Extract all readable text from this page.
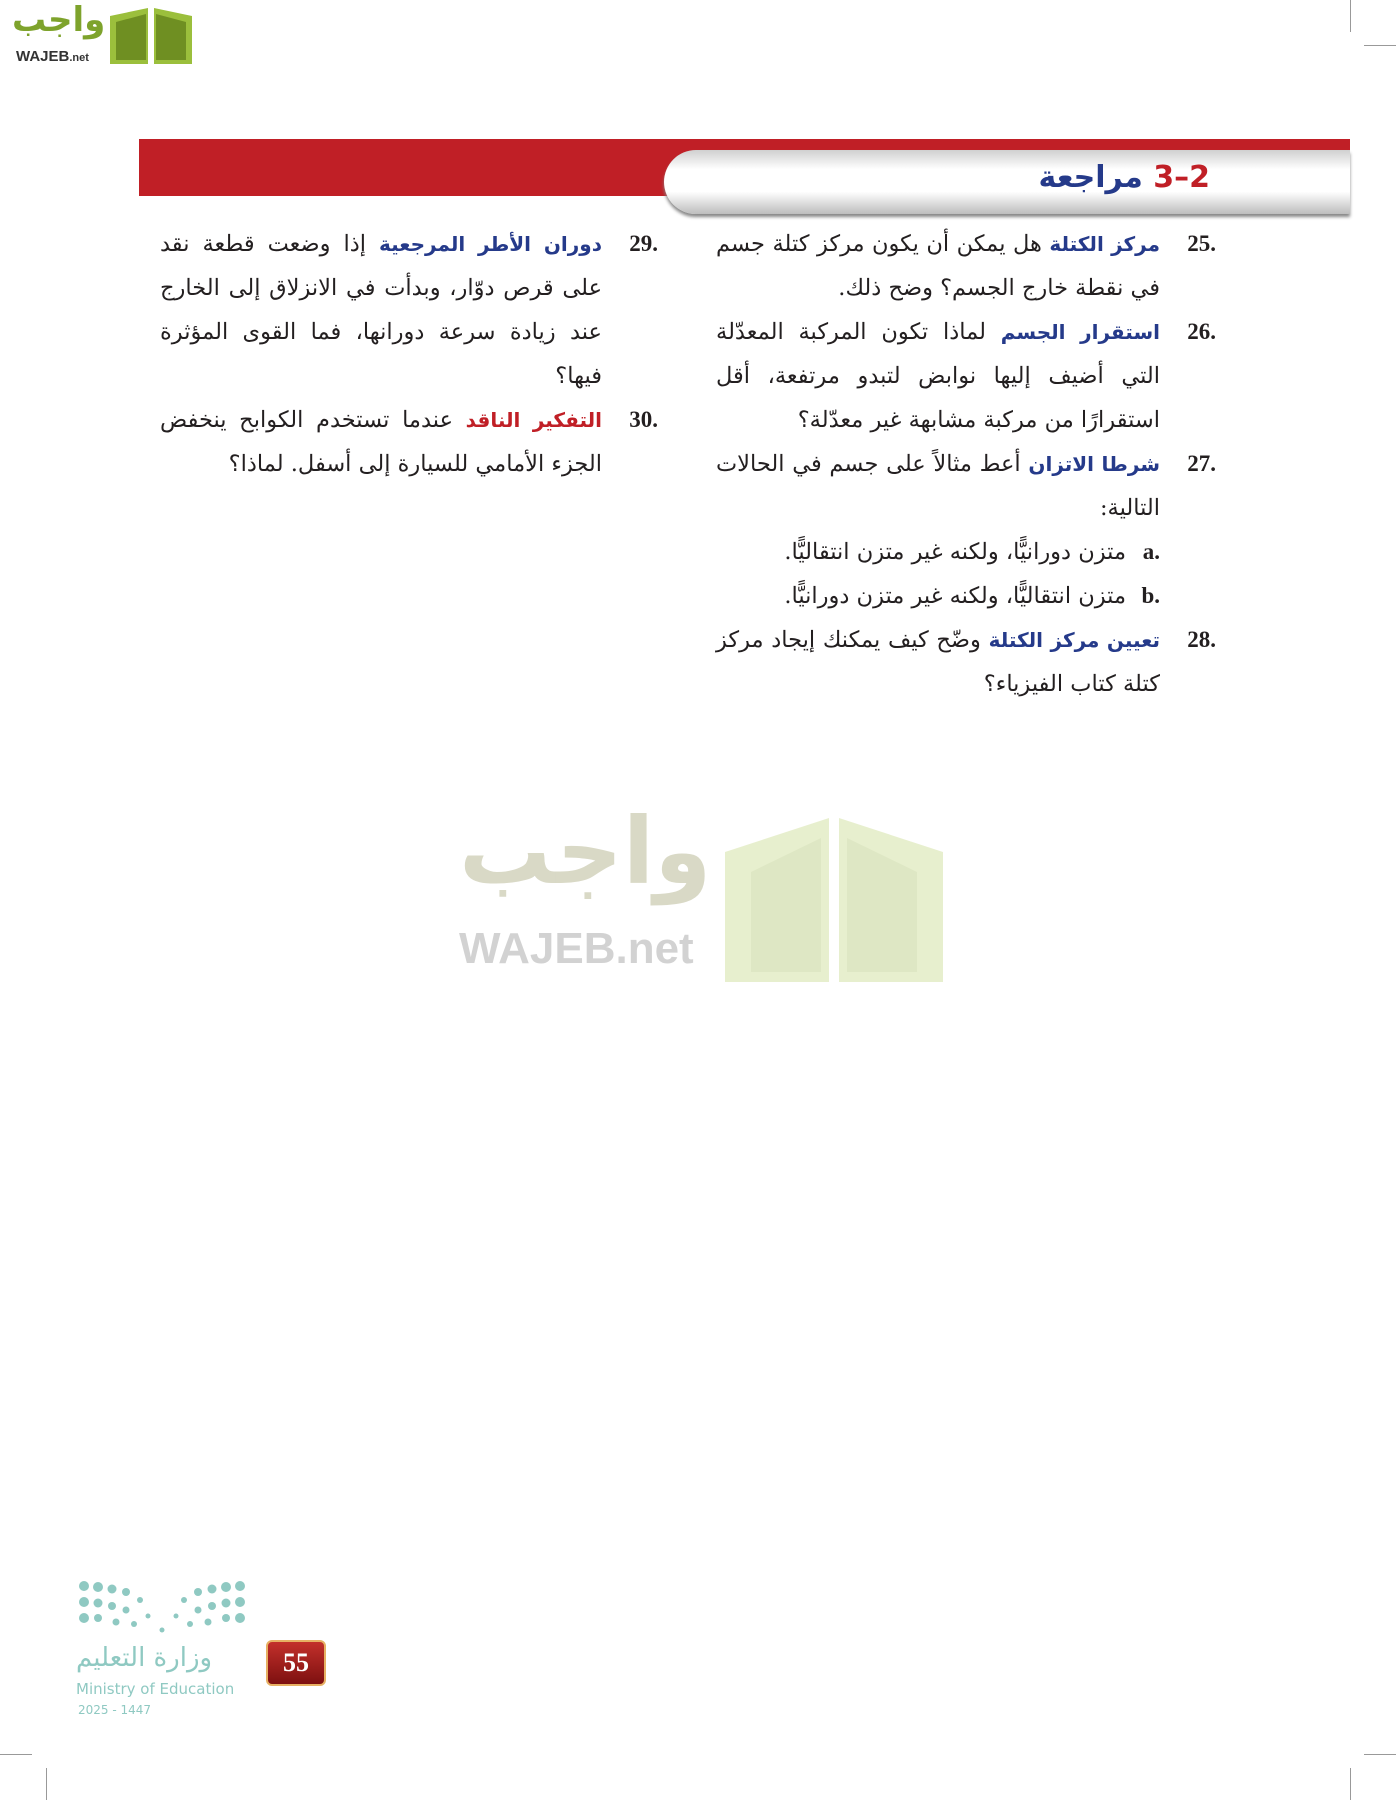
واجب
WAJEB.net
2–3 مراجعة
25.
مركز الكتلة هل يمكن أن يكون مركز كتلة جسم في نقطة خارج الجسم؟ وضح ذلك.
26.
استقرار الجسم لماذا تكون المركبة المعدّلة التي أضيف إليها نوابض لتبدو مرتفعة، أقل استقرارًا من مركبة مشابهة غير معدّلة؟
27.
شرطا الاتزان أعط مثالاً على جسم في الحالات التالية:
a.
متزن دورانيًّا، ولكنه غير متزن انتقاليًّا.
b.
متزن انتقاليًّا، ولكنه غير متزن دورانيًّا.
28.
تعيين مركز الكتلة وضّح كيف يمكنك إيجاد مركز كتلة كتاب الفيزياء؟
29.
دوران الأطر المرجعية إذا وضعت قطعة نقد على قرص دوّار، وبدأت في الانزلاق إلى الخارج عند زيادة سرعة دورانها، فما القوى المؤثرة فيها؟
30.
التفكير الناقد عندما تستخدم الكوابح ينخفض الجزء الأمامي للسيارة إلى أسفل. لماذا؟
واجب
WAJEB.net
وزارة التعليم
Ministry of Education
2025 - 1447
55
